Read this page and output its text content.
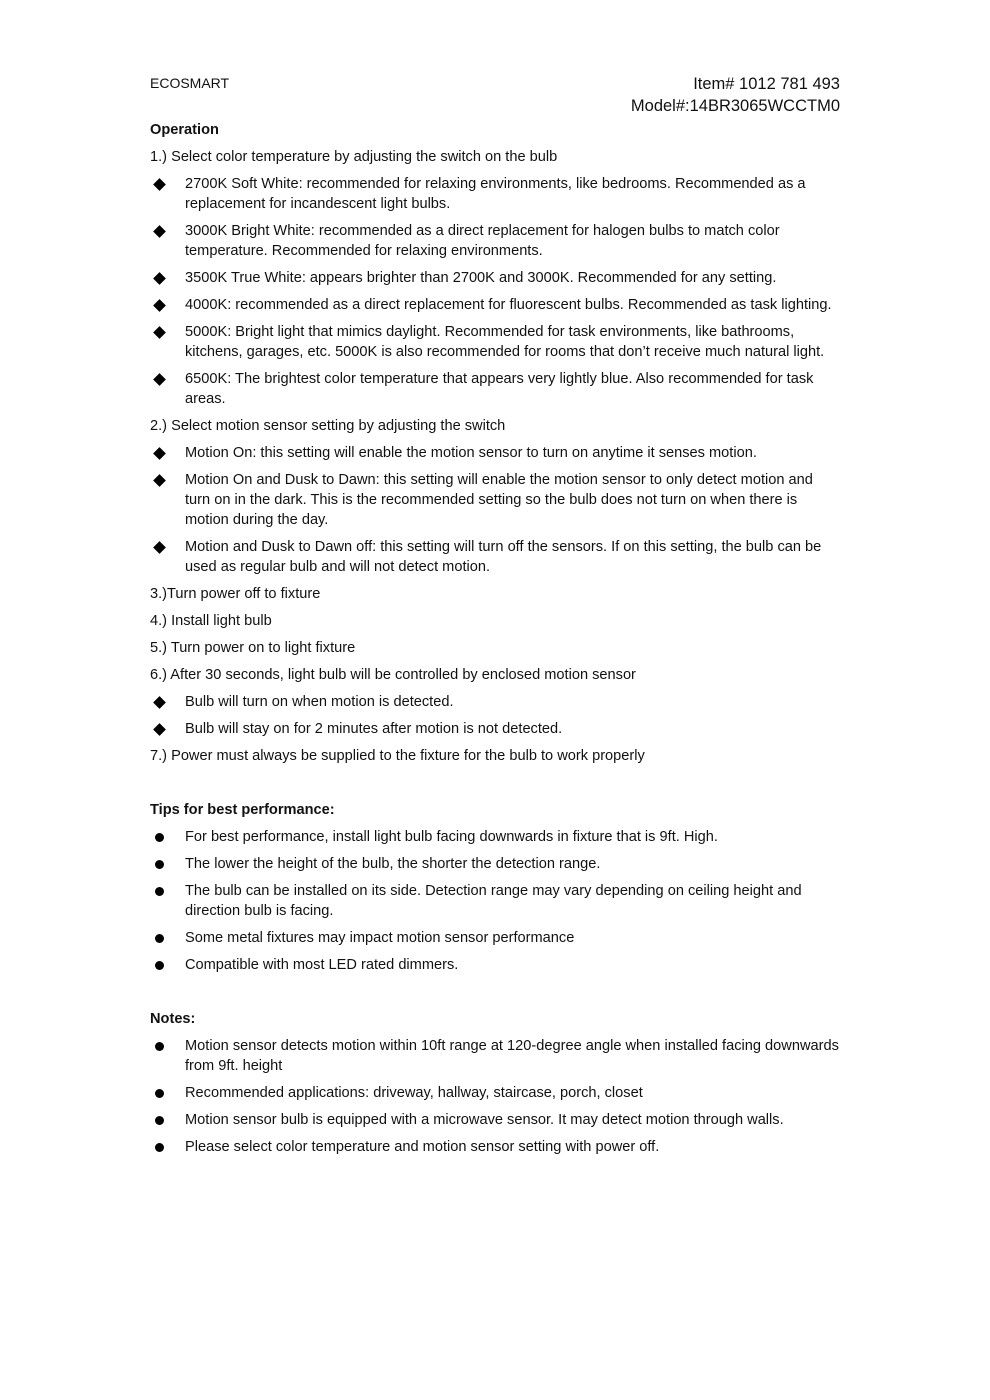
ECOSMART	Item# 1012 781 493
Model#:14BR3065WCCTM0
Operation
1.) Select color temperature by adjusting the switch on the bulb
2700K Soft White: recommended for relaxing environments, like bedrooms. Recommended as a replacement for incandescent light bulbs.
3000K Bright White: recommended as a direct replacement for halogen bulbs to match color temperature. Recommended for relaxing environments.
3500K True White: appears brighter than 2700K and 3000K. Recommended for any setting.
4000K: recommended as a direct replacement for fluorescent bulbs. Recommended as task lighting.
5000K: Bright light that mimics daylight. Recommended for task environments, like bathrooms, kitchens, garages, etc. 5000K is also recommended for rooms that don’t receive much natural light.
6500K: The brightest color temperature that appears very lightly blue. Also recommended for task areas.
2.) Select motion sensor setting by adjusting the switch
Motion On: this setting will enable the motion sensor to turn on anytime it senses motion.
Motion On and Dusk to Dawn: this setting will enable the motion sensor to only detect motion and turn on in the dark. This is the recommended setting so the bulb does not turn on when there is motion during the day.
Motion and Dusk to Dawn off: this setting will turn off the sensors. If on this setting, the bulb can be used as regular bulb and will not detect motion.
3.)Turn power off to fixture
4.) Install light bulb
5.) Turn power on to light fixture
6.) After 30 seconds, light bulb will be controlled by enclosed motion sensor
Bulb will turn on when motion is detected.
Bulb will stay on for 2 minutes after motion is not detected.
7.) Power must always be supplied to the fixture for the bulb to work properly
Tips for best performance:
For best performance, install light bulb facing downwards in fixture that is 9ft. High.
The lower the height of the bulb, the shorter the detection range.
The bulb can be installed on its side. Detection range may vary depending on ceiling height and direction bulb is facing.
Some metal fixtures may impact motion sensor performance
Compatible with most LED rated dimmers.
Notes:
Motion sensor detects motion within 10ft range at 120-degree angle when installed facing downwards from 9ft. height
Recommended applications: driveway, hallway, staircase, porch, closet
Motion sensor bulb is equipped with a microwave sensor. It may detect motion through walls.
Please select color temperature and motion sensor setting with power off.
